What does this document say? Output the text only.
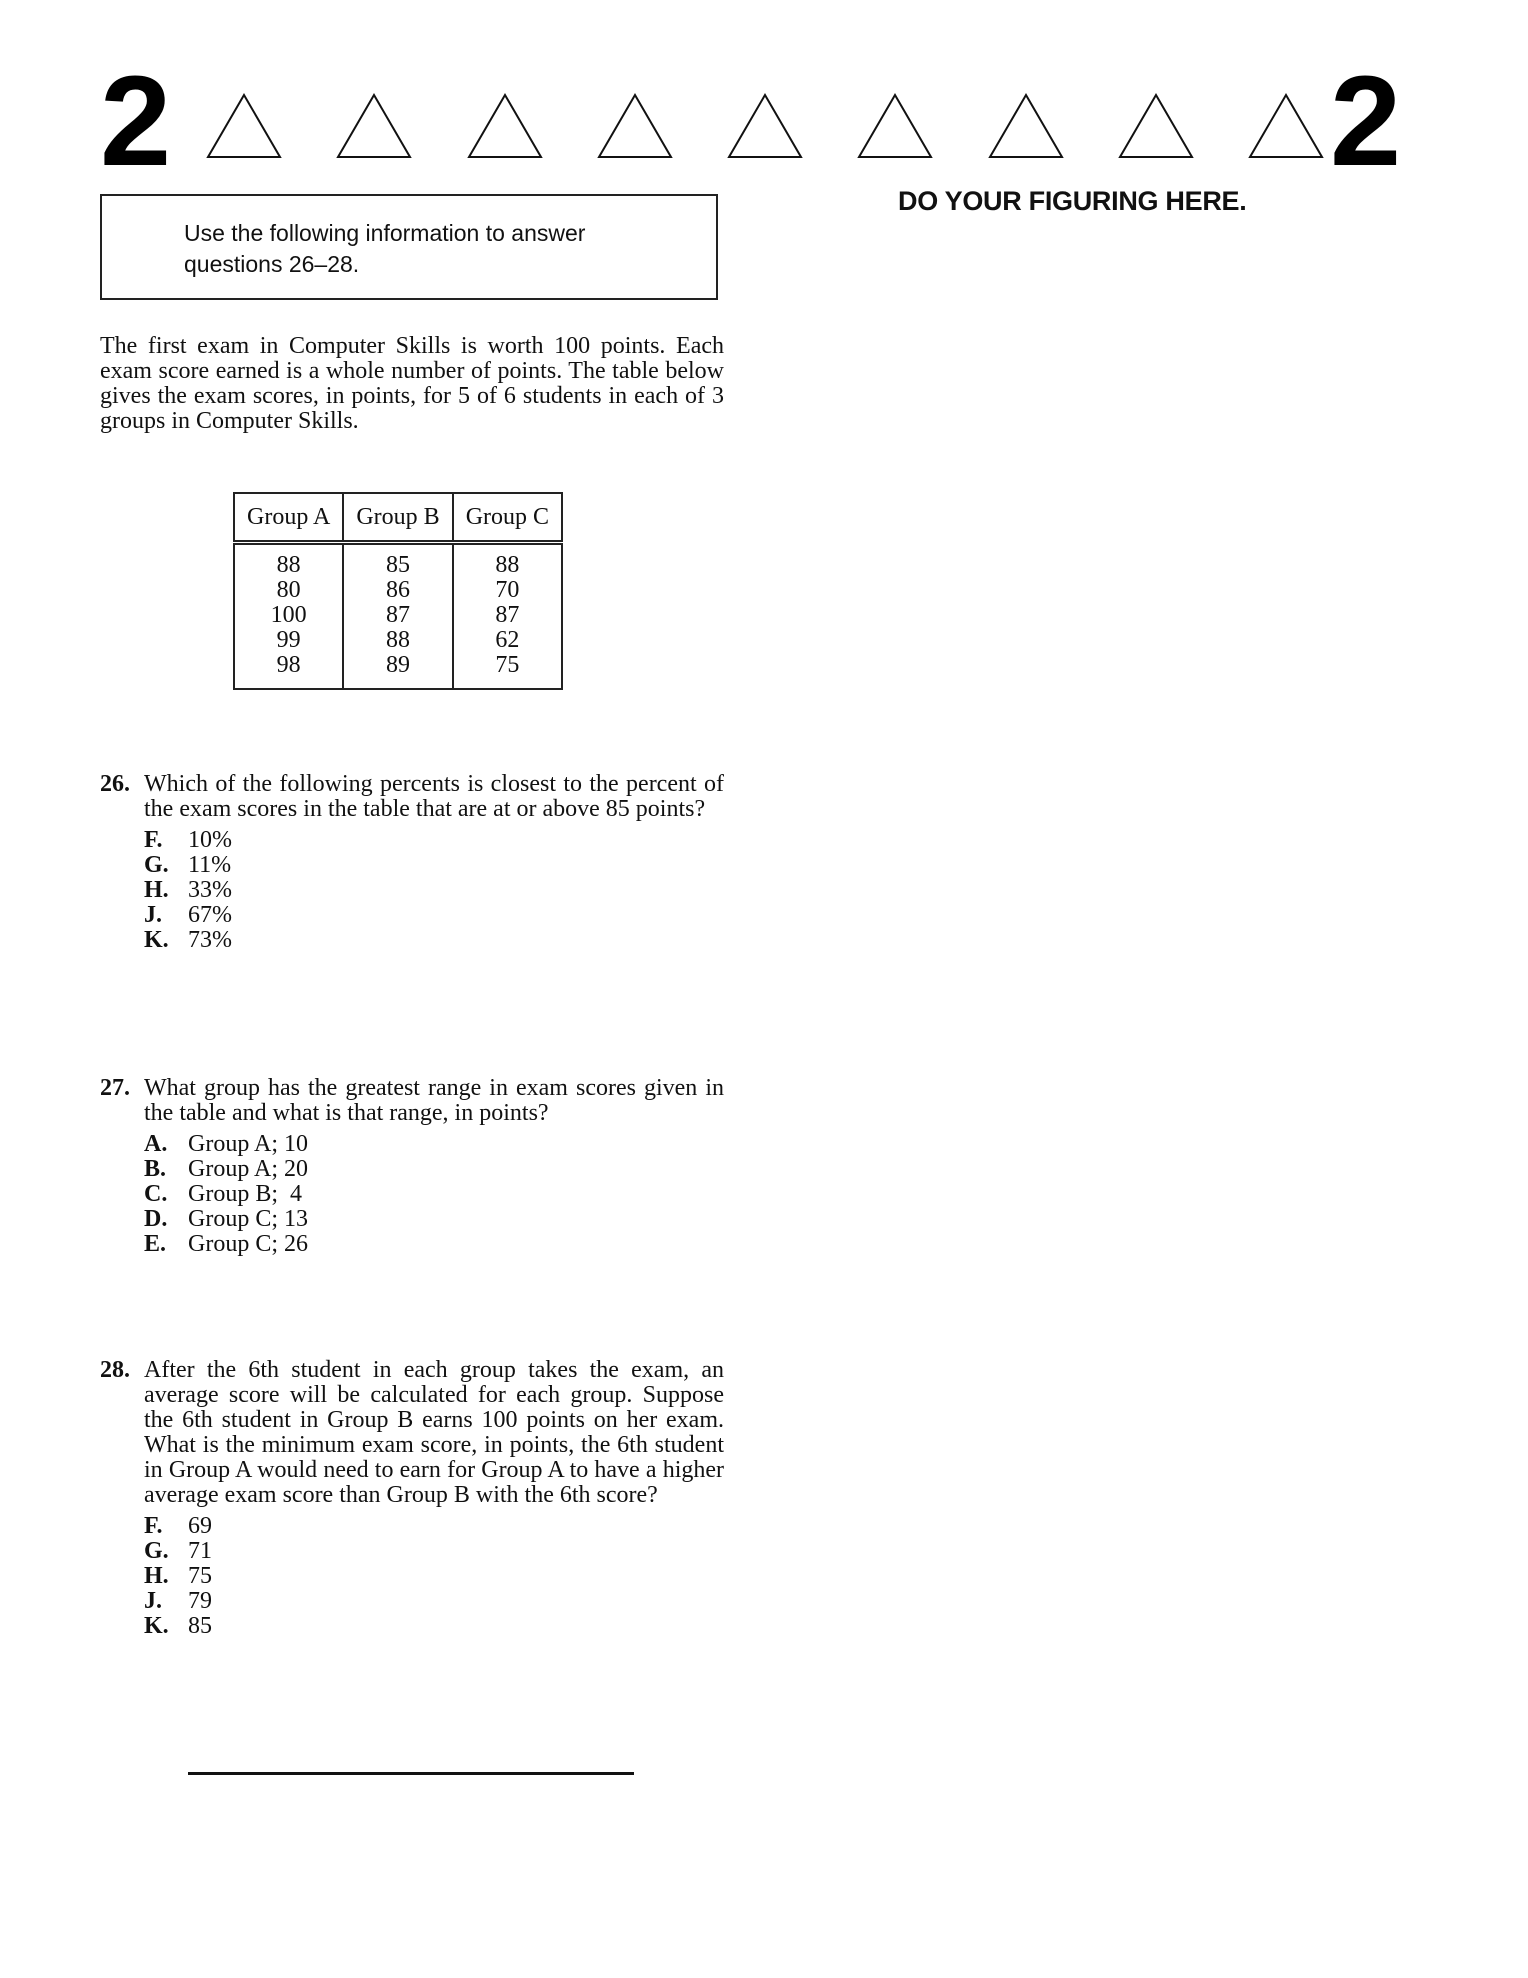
2	2
DO YOUR FIGURING HERE.
Use the following information to answer
questions 26–28.
The first exam in Computer Skills is worth 100 points. Each exam score earned is a whole number of points. The table below gives the exam scores, in points, for 5 of 6 students in each of 3 groups in Computer Skills.
Group A	Group B	Group C
88	85	88
80	86	70
100	87	87
99	88	62
98	89	75
26. Which of the following percents is closest to the percent of the exam scores in the table that are at or above 85 points?
F.	10%
G. 11%
H. 33%
J.	67%
K. 73%
27. What group has the greatest range in exam scores given in the table and what is that range, in points?
A. Group A; 10
B. Group A; 20
C. Group B;  4
D. Group C; 13
E. Group C; 26
28. After the 6th student in each group takes the exam, an average score will be calculated for each group. Suppose the 6th student in Group B earns 100 points on her exam. What is the minimum exam score, in points, the 6th student in Group A would need to earn for Group A to have a higher average exam score than Group B with the 6th score?
F.	69
G. 71
H. 75
J.	79
K. 85
